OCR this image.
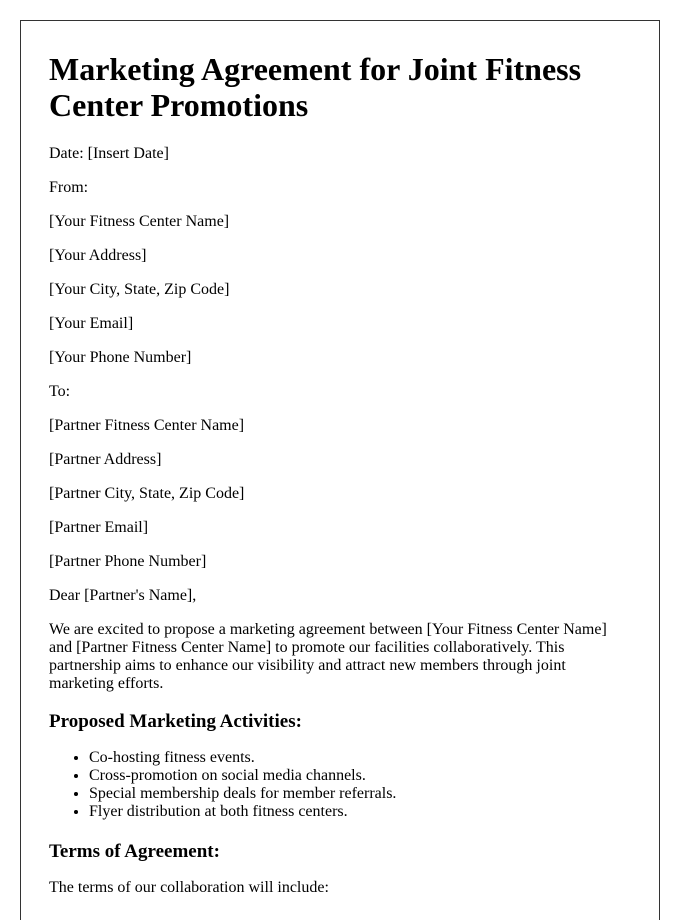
Marketing Agreement for Joint Fitness Center Promotions

Date: [Insert Date]

From:

[Your Fitness Center Name]

[Your Address]

[Your City, State, Zip Code]

[Your Email]

[Your Phone Number]

To:

[Partner Fitness Center Name]

[Partner Address]

[Partner City, State, Zip Code]

[Partner Email]

[Partner Phone Number]

Dear [Partner's Name],

We are excited to propose a marketing agreement between [Your Fitness Center Name] and [Partner Fitness Center Name] to promote our facilities collaboratively. This partnership aims to enhance our visibility and attract new members through joint marketing efforts.

Proposed Marketing Activities:
• Co-hosting fitness events.
• Cross-promotion on social media channels.
• Special membership deals for member referrals.
• Flyer distribution at both fitness centers.
Terms of Agreement:

The terms of our collaboration will include:
